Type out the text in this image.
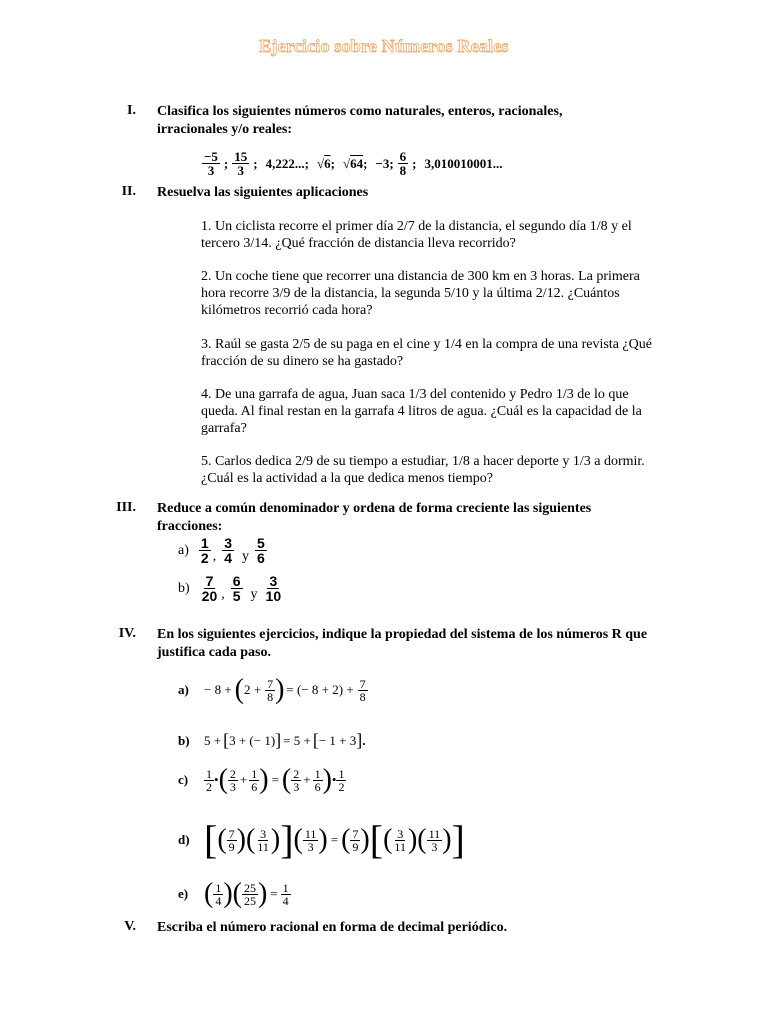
Ejercicio sobre Números Reales
I. Clasifica los siguientes números como naturales, enteros, racionales, irracionales y/o reales:
$\frac{-5}{3}$ ; $\frac{15}{3}$ ; 4,222...; √6; √64; −3; $\frac{6}{8}$ ; 3,010010001...
II. Resuelva las siguientes aplicaciones
1. Un ciclista recorre el primer día 2/7 de la distancia, el segundo día 1/8 y el tercero 3/14. ¿Qué fracción de distancia lleva recorrido?
2. Un coche tiene que recorrer una distancia de 300 km en 3 horas. La primera hora recorre 3/9 de la distancia, la segunda 5/10 y la última 2/12. ¿Cuántos kilómetros recorrió cada hora?
3. Raúl se gasta 2/5 de su paga en el cine y 1/4 en la compra de una revista ¿Qué fracción de su dinero se ha gastado?
4. De una garrafa de agua, Juan saca 1/3 del contenido y Pedro 1/3 de lo que queda. Al final restan en la garrafa 4 litros de agua. ¿Cuál es la capacidad de la garrafa?
5. Carlos dedica 2/9 de su tiempo a estudiar, 1/8 a hacer deporte y 1/3 a dormir. ¿Cuál es la actividad a la que dedica menos tiempo?
III. Reduce a común denominador y ordena de forma creciente las siguientes fracciones:
$a) \frac{1}{2}$ , $\frac{3}{4}$ y $\frac{5}{6}$
$b) \frac{7}{20}$ , $\frac{6}{5}$ y $\frac{3}{10}$
IV. En los siguientes ejercicios, indique la propiedad del sistema de los números R que justifica cada paso.
a)	− 8 + ( $2 + \frac{7}{8}$ ) = (− $8 + 2) + \frac{7}{8}$
b)	5 + [ 3 + (− 1) ] = 5 + [ − 1 + 3 ] .
c)	$\frac{1}{2}$ • ( $\frac{2}{3} + \frac{1}{6}$ ) = ( $\frac{2}{3} + \frac{1}{6}$ ) • $\frac{1}{2}$
d) [ ( $\frac{7}{9}$ ) ( $\frac{3}{11}$ ) ] ( $\frac{11}{3}$ ) = ( $\frac{7}{9}$ ) [ ( $\frac{3}{11}$ ) ( $\frac{11}{3}$ ) ]
e) ( $\frac{1}{4}$ ) ( $\frac{25}{25}$ ) = $\frac{1}{4}$
V. Escriba el número racional en forma de decimal periódico.
